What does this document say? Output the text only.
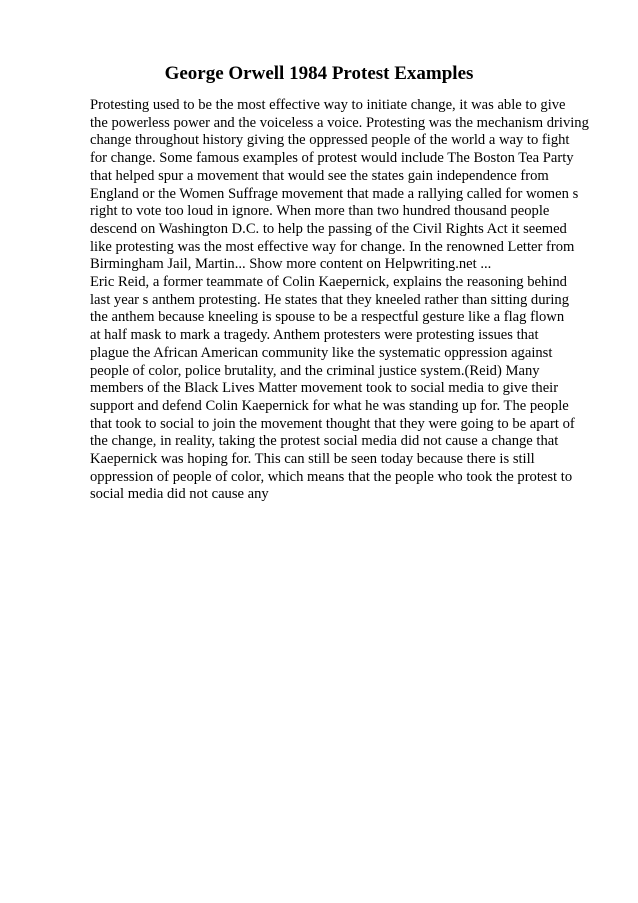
George Orwell 1984 Protest Examples
Protesting used to be the most effective way to initiate change, it was able to give
the powerless power and the voiceless a voice. Protesting was the mechanism driving
change throughout history giving the oppressed people of the world a way to fight
for change. Some famous examples of protest would include The Boston Tea Party
that helped spur a movement that would see the states gain independence from
England or the Women Suffrage movement that made a rallying called for women s
right to vote too loud in ignore. When more than two hundred thousand people
descend on Washington D.C. to help the passing of the Civil Rights Act it seemed
like protesting was the most effective way for change. In the renowned Letter from
Birmingham Jail, Martin... Show more content on Helpwriting.net ...
Eric Reid, a former teammate of Colin Kaepernick, explains the reasoning behind
last year s anthem protesting. He states that they kneeled rather than sitting during
the anthem because kneeling is spouse to be a respectful gesture like a flag flown
at half mask to mark a tragedy. Anthem protesters were protesting issues that
plague the African American community like the systematic oppression against
people of color, police brutality, and the criminal justice system.(Reid) Many
members of the Black Lives Matter movement took to social media to give their
support and defend Colin Kaepernick for what he was standing up for. The people
that took to social to join the movement thought that they were going to be apart of
the change, in reality, taking the protest social media did not cause a change that
Kaepernick was hoping for. This can still be seen today because there is still
oppression of people of color, which means that the people who took the protest to
social media did not cause any
